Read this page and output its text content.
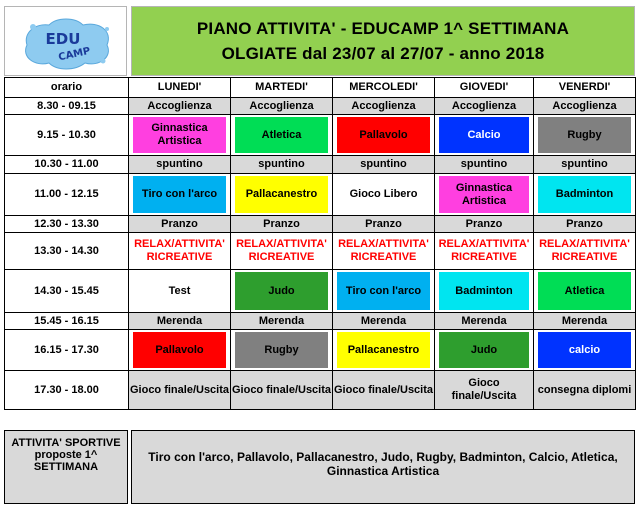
EDU
CAMP
PIANO ATTIVITA' - EDUCAMP 1^ SETTIMANA
OLGIATE dal 23/07 al 27/07 - anno 2018
orario	LUNEDI'	MARTEDI'	MERCOLEDI'	GIOVEDI'	VENERDI'
8.30 - 09.15	Accoglienza	Accoglienza	Accoglienza	Accoglienza	Accoglienza

9.15 - 10.30	Ginnastica Artistica	Atletica	Pallavolo	Calcio	Rugby

10.30 - 11.00	spuntino	spuntino	spuntino	spuntino	spuntino

11.00 - 12.15	Tiro con l'arco	Pallacanestro	Gioco Libero	Ginnastica Artistica	Badminton

12.30 - 13.30	Pranzo	Pranzo	Pranzo	Pranzo	Pranzo

13.30 - 14.30	RELAX/ATTIVITA' RICREATIVE	RELAX/ATTIVITA' RICREATIVE	RELAX/ATTIVITA' RICREATIVE	RELAX/ATTIVITA' RICREATIVE	RELAX/ATTIVITA' RICREATIVE

14.30 - 15.45	Test	Judo	Tiro con l'arco	Badminton	Atletica

15.45 - 16.15	Merenda	Merenda	Merenda	Merenda	Merenda

16.15 - 17.30	Pallavolo	Rugby	Pallacanestro	Judo	calcio

17.30 - 18.00	Gioco finale/Uscita	Gioco finale/Uscita	Gioco finale/Uscita	Gioco finale/Uscita	consegna diplomi
ATTIVITA' SPORTIVE proposte 1^ SETTIMANA
Tiro con l'arco, Pallavolo, Pallacanestro, Judo, Rugby, Badminton, Calcio, Atletica, Ginnastica Artistica
